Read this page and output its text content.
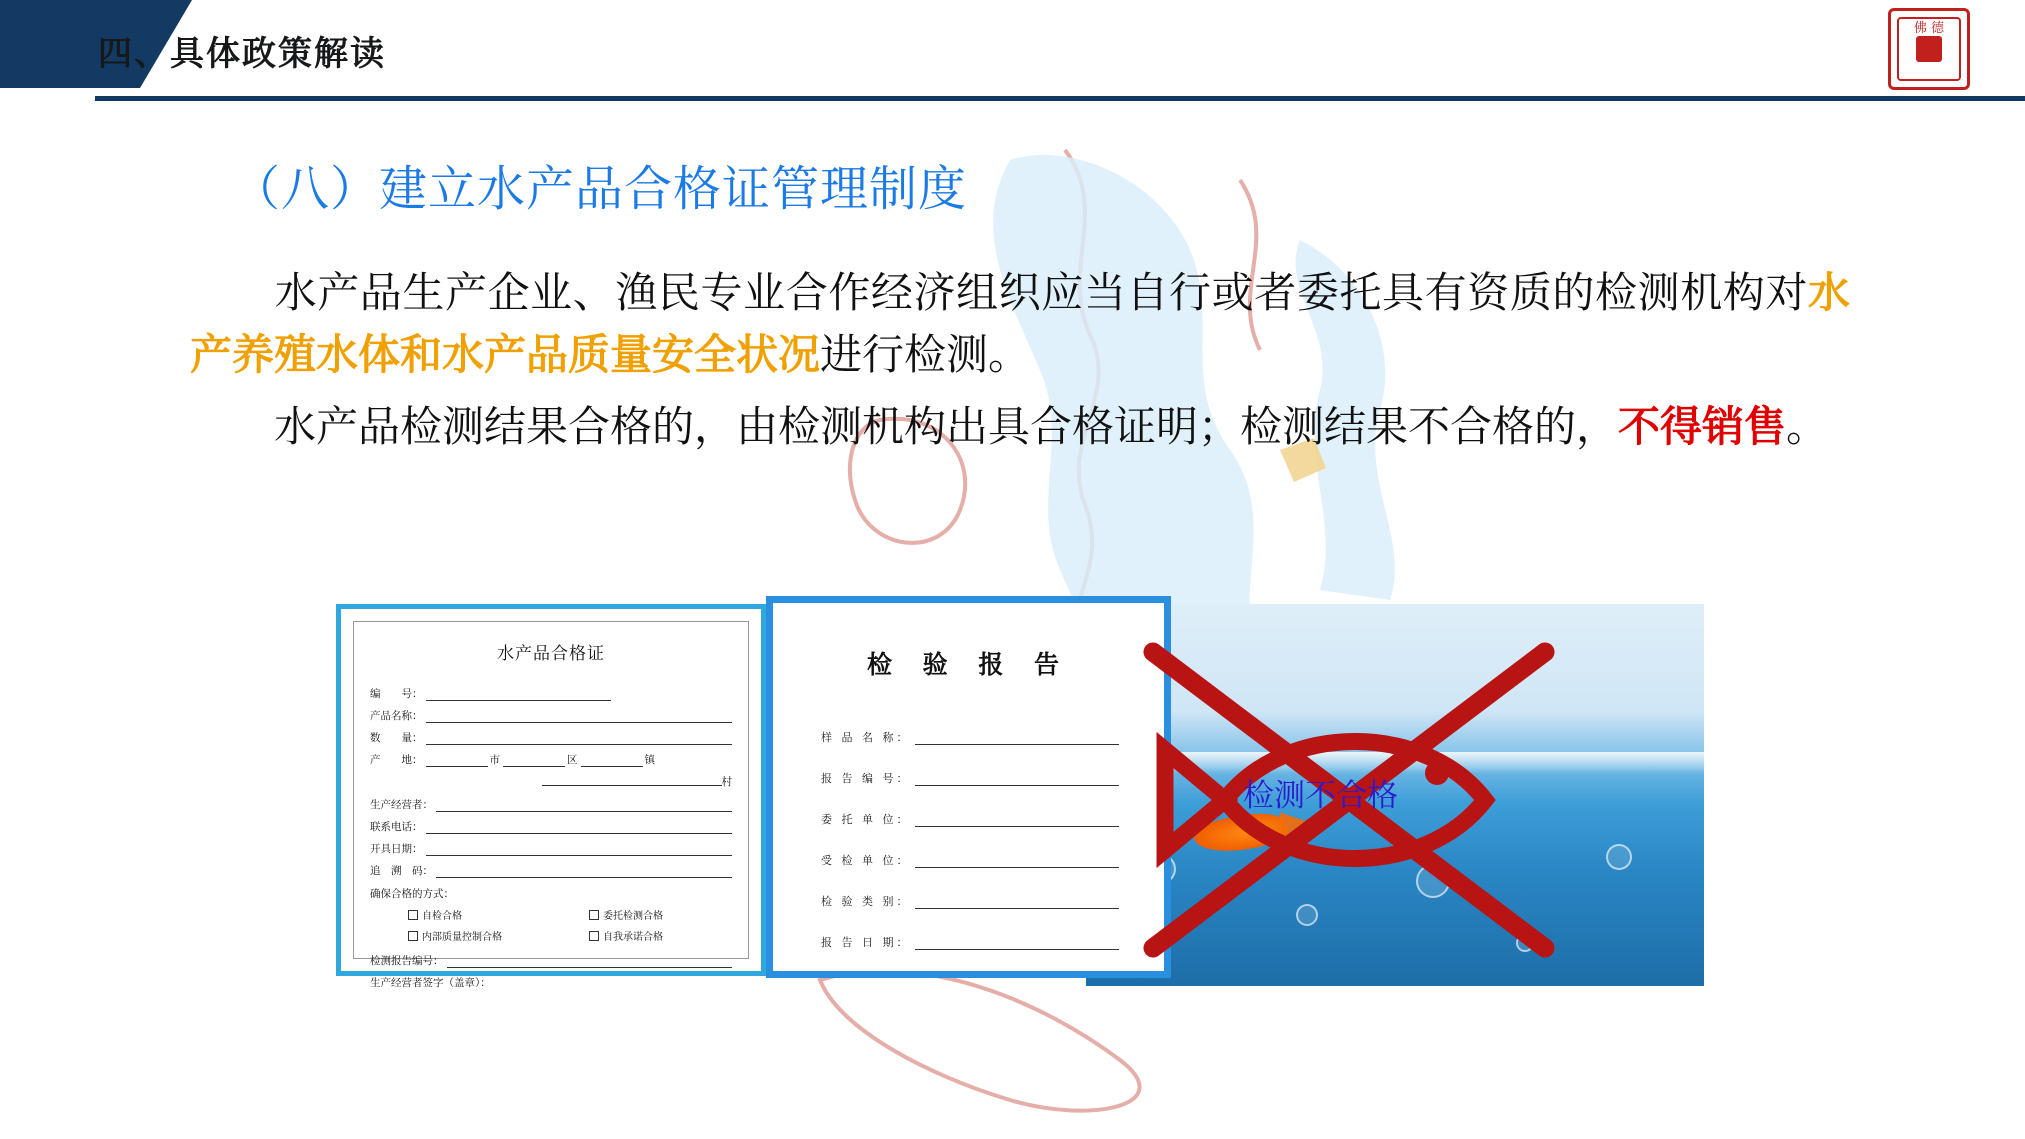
四、具体政策解读
佛 德
（八）建立水产品合格证管理制度
水产品生产企业、渔民专业合作经济组织应当自行或者委托具有资质的检测机构对水产养殖水体和水产品质量安全状况进行检测。
水产品检测结果合格的，由检测机构出具合格证明；检测结果不合格的，不得销售。
水产品合格证
编　　号：
产品名称：
数　　量：
产　　地：	市	区	镇
村
生产经营者：
联系电话：
开具日期：
追　溯　码：
确保合格的方式：
自检合格	委托检测合格
内部质量控制合格	自我承诺合格
检测报告编号：
生产经营者签字（盖章）：
检 验 报 告
样 品 名 称：
报 告 编 号：
委 托 单 位：
受 检 单 位：
检 验 类 别：
报 告 日 期：
检测不合格
